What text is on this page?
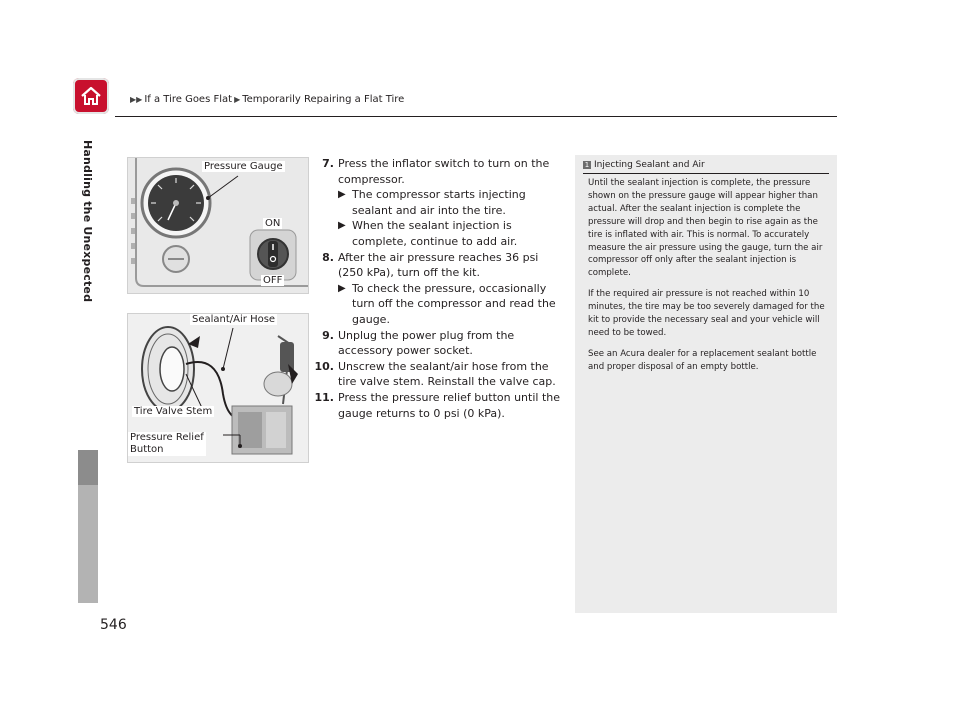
▶▶ If a Tire Goes Flat ▶ Temporarily Repairing a Flat Tire
Handling the Unexpected	Pressure Gauge
ON
OFF
Sealant/Air Hose
Tire Valve Stem
Pressure Relief
Button
7. Press the inflator switch to turn on the compressor.
▶ The compressor starts injecting sealant and air into the tire.
▶ When the sealant injection is complete, continue to add air.
8. After the air pressure reaches 36 psi (250 kPa), turn off the kit.
▶ To check the pressure, occasionally turn off the compressor and read the gauge.
9. Unplug the power plug from the accessory power socket.
10. Unscrew the sealant/air hose from the tire valve stem. Reinstall the valve cap.
11. Press the pressure relief button until the gauge returns to 0 psi (0 kPa).
1 Injecting Sealant and Air

Until the sealant injection is complete, the pressure shown on the pressure gauge will appear higher than actual. After the sealant injection is complete the pressure will drop and then begin to rise again as the tire is inflated with air. This is normal. To accurately measure the air pressure using the gauge, turn the air compressor off only after the sealant injection is complete.

If the required air pressure is not reached within 10 minutes, the tire may be too severely damaged for the kit to provide the necessary seal and your vehicle will need to be towed.

See an Acura dealer for a replacement sealant bottle and proper disposal of an empty bottle.

546
